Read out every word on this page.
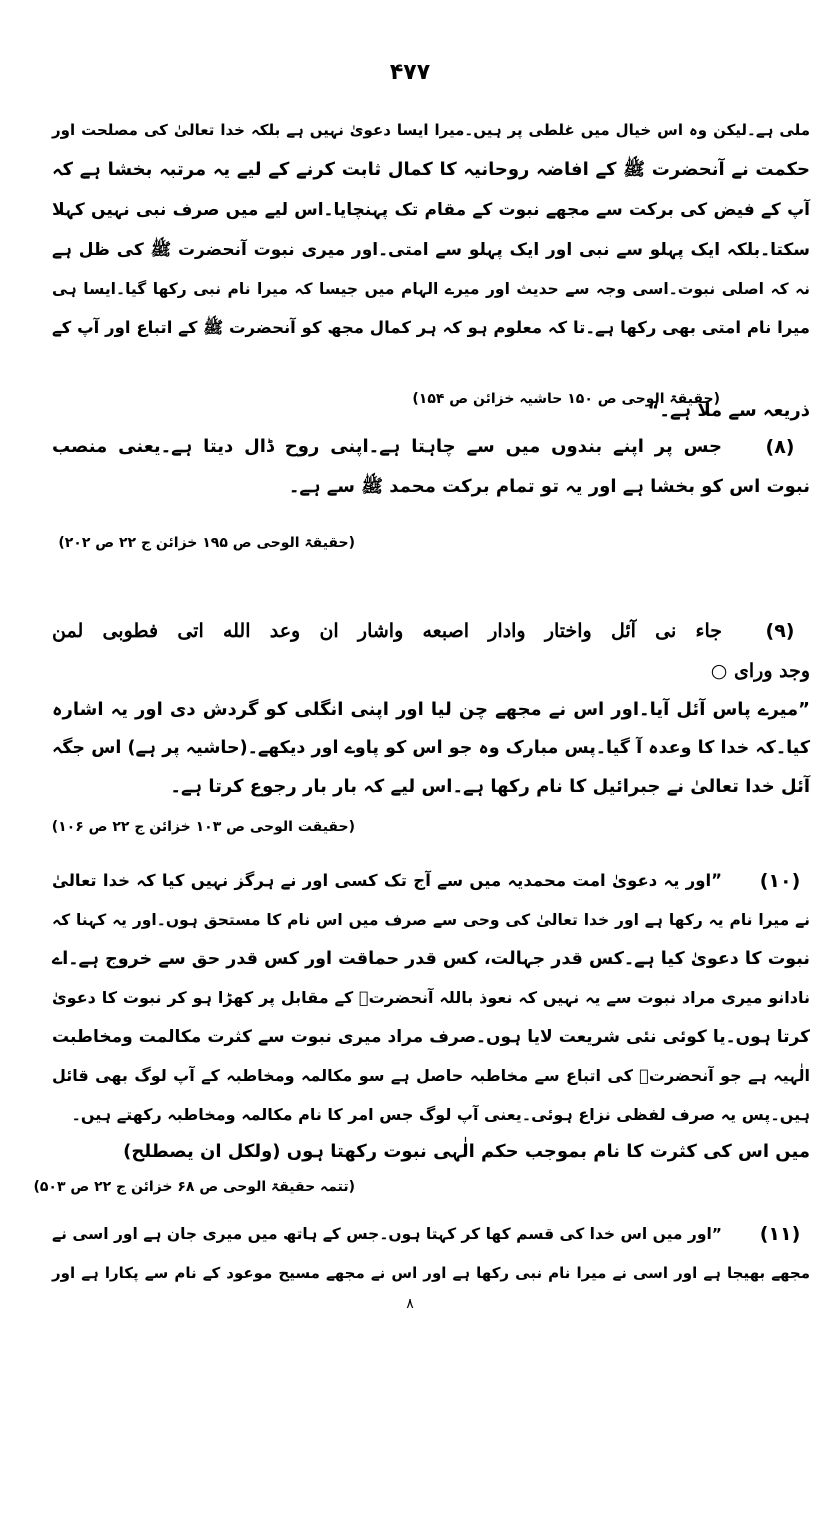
۴۷۷
ملی ہے۔لیکن وہ اس خیال میں غلطی پر ہیں۔میرا ایسا دعویٰ نہیں ہے بلکہ خدا تعالیٰ کی مصلحت اور
حکمت نے آنحضرت ﷺ کے افاضہ روحانیہ کا کمال ثابت کرنے کے لیے یہ مرتبہ بخشا ہے کہ
آپ کے فیض کی برکت سے مجھے نبوت کے مقام تک پہنچایا۔اس لیے میں صرف نبی نہیں کہلا
سکتا۔بلکہ ایک پہلو سے نبی اور ایک پہلو سے امتی۔اور میری نبوت آنحضرت ﷺ کی ظل ہے
نہ کہ اصلی نبوت۔اسی وجہ سے حدیث اور میرے الہام میں جیسا کہ میرا نام نبی رکھا گیا۔ایسا ہی
میرا نام امتی بھی رکھا ہے۔تا کہ معلوم ہو کہ ہر کمال مجھ کو آنحضرت ﷺ کے اتباع اور آپ کے
ذریعہ سے ملا ہے۔“
(حقیقۃ الوحی ص ۱۵۰ حاشیہ خزائن ص ۱۵۴)
(۸)
جس پر اپنے بندوں میں سے چاہتا ہے۔اپنی روح ڈال دیتا ہے۔یعنی منصب
نبوت اس کو بخشا ہے اور یہ تو تمام برکت محمد ﷺ سے ہے۔
(حقیقۃ الوحی ص ۱۹۵ خزائن ج ۲۲ ص ۲۰۲)
(۹)
جاء نی آئل واختار وادار اصبعه واشار ان وعد الله اتی فطوبی لمن
وجد ورای ○
”میرے پاس آئل آیا۔اور اس نے مجھے چن لیا اور اپنی انگلی کو گردش دی اور یہ اشارہ
کیا۔کہ خدا کا وعدہ آ گیا۔پس مبارک وہ جو اس کو پاوے اور دیکھے۔(حاشیہ پر ہے) اس جگہ
آئل خدا تعالیٰ نے جبرائیل کا نام رکھا ہے۔اس لیے کہ بار بار رجوع کرتا ہے۔
(حقیقت الوحی ص ۱۰۳ خزائن ج ۲۲ ص ۱۰۶)
(۱۰)
”اور یہ دعویٰ امت محمدیہ میں سے آج تک کسی اور نے ہرگز نہیں کیا کہ خدا تعالیٰ
نے میرا نام یہ رکھا ہے اور خدا تعالیٰ کی وحی سے صرف میں اس نام کا مستحق ہوں۔اور یہ کہنا کہ
نبوت کا دعویٰ کیا ہے۔کس قدر جہالت، کس قدر حماقت اور کس قدر حق سے خروج ہے۔اے
نادانو میری مراد نبوت سے یہ نہیں کہ نعوذ باللہ آنحضرتؐ کے مقابل پر کھڑا ہو کر نبوت کا دعویٰ
کرتا ہوں۔یا کوئی نئی شریعت لایا ہوں۔صرف مراد میری نبوت سے کثرت مکالمت ومخاطبت
الٰہیہ ہے جو آنحضرتؐ کی اتباع سے مخاطبہ حاصل ہے سو مکالمہ ومخاطبہ کے آپ لوگ بھی قائل
ہیں۔پس یہ صرف لفظی نزاع ہوئی۔یعنی آپ لوگ جس امر کا نام مکالمہ ومخاطبہ رکھتے ہیں۔
میں اس کی کثرت کا نام بموجب حکم الٰہی نبوت رکھتا ہوں (ولکل ان یصطلح)
(تتمہ حقیقۃ الوحی ص ۶۸ خزائن ج ۲۲ ص ۵۰۳)
(۱۱)
”اور میں اس خدا کی قسم کھا کر کہتا ہوں۔جس کے ہاتھ میں میری جان ہے اور اسی نے
مجھے بھیجا ہے اور اسی نے میرا نام نبی رکھا ہے اور اس نے مجھے مسیح موعود کے نام سے پکارا ہے اور
۸
